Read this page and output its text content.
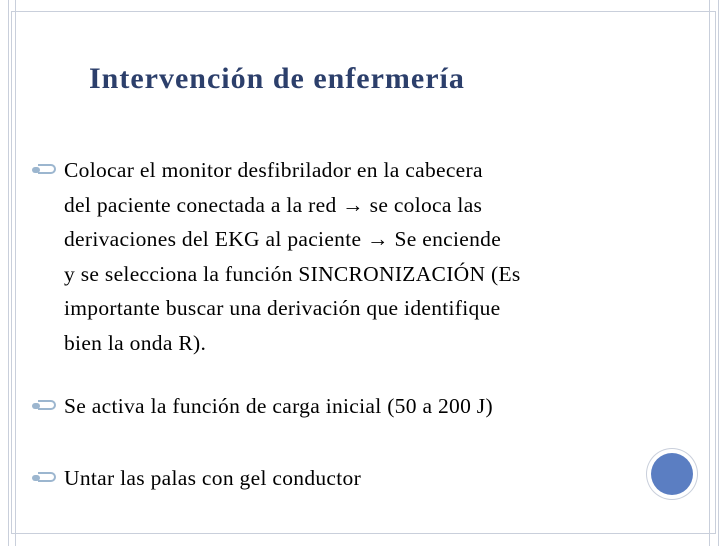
Intervención de enfermería
Colocar el monitor desfibrilador en la cabecera
del paciente conectada a la red → se coloca las
derivaciones del EKG al paciente → Se enciende
y se selecciona la función SINCRONIZACIÓN (Es
importante buscar una derivación que identifique
bien la onda R).
Se activa la función de carga inicial (50 a 200 J)
Untar las palas con gel conductor
